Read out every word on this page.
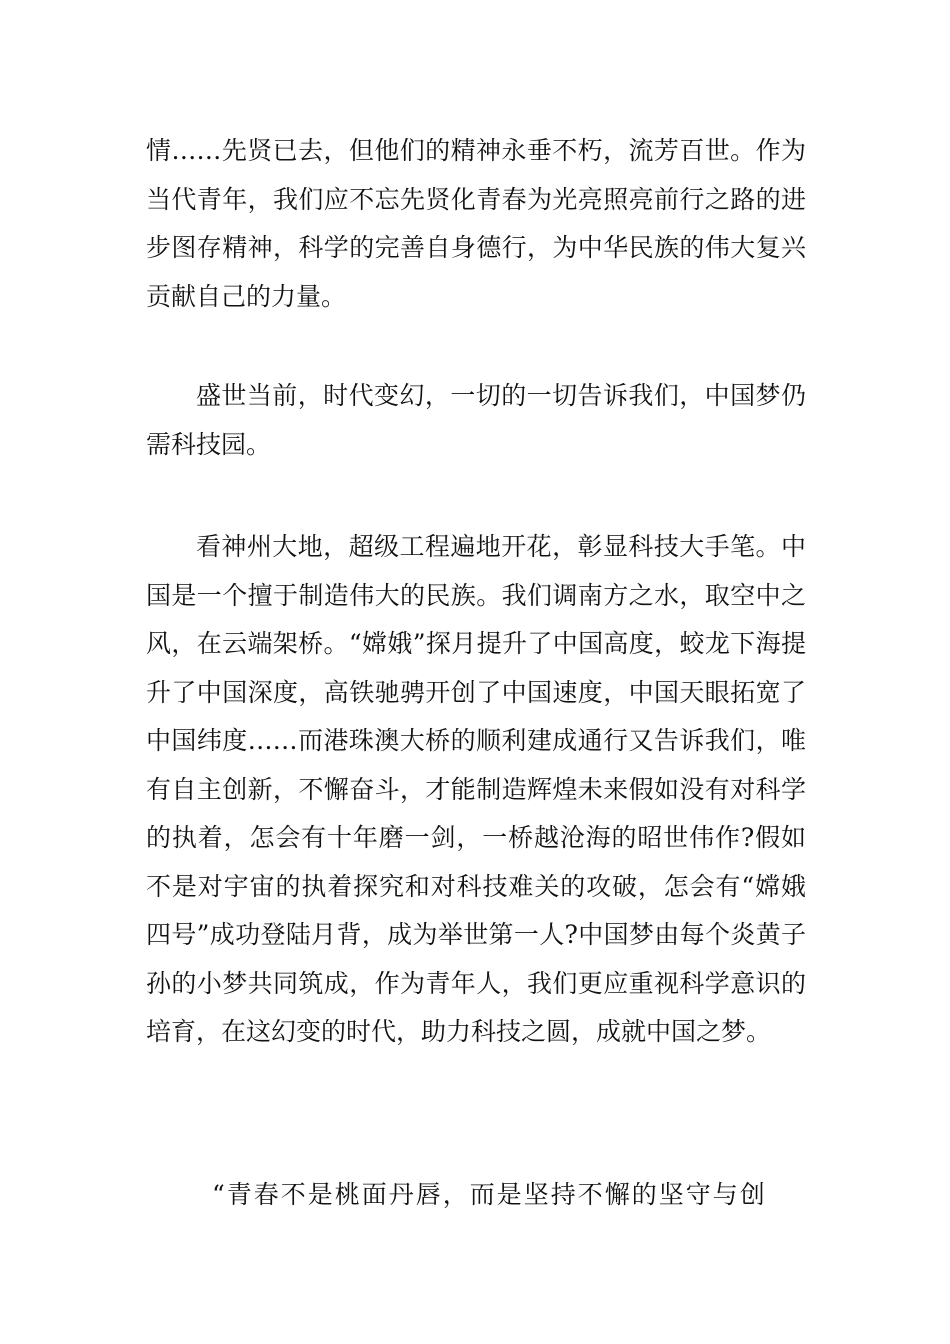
情……先贤已去，但他们的精神永垂不朽，流芳百世。作为当代青年，我们应不忘先贤化青春为光亮照亮前行之路的进步图存精神，科学的完善自身德行，为中华民族的伟大复兴贡献自己的力量。

盛世当前，时代变幻，一切的一切告诉我们，中国梦仍需科技园。

看神州大地，超级工程遍地开花，彰显科技大手笔。中国是一个擅于制造伟大的民族。我们调南方之水，取空中之风，在云端架桥。“嫦娥”探月提升了中国高度，蛟龙下海提升了中国深度，高铁驰骋开创了中国速度，中国天眼拓宽了中国纬度……而港珠澳大桥的顺利建成通行又告诉我们，唯有自主创新，不懈奋斗，才能制造辉煌未来假如没有对科学的执着，怎会有十年磨一剑，一桥越沧海的昭世伟作?假如不是对宇宙的执着探究和对科技难关的攻破，怎会有“嫦娥四号”成功登陆月背，成为举世第一人?中国梦由每个炎黄子孙的小梦共同筑成，作为青年人，我们更应重视科学意识的培育，在这幻变的时代，助力科技之圆，成就中国之梦。

“青春不是桃面丹唇，而是坚持不懈的坚守与创
